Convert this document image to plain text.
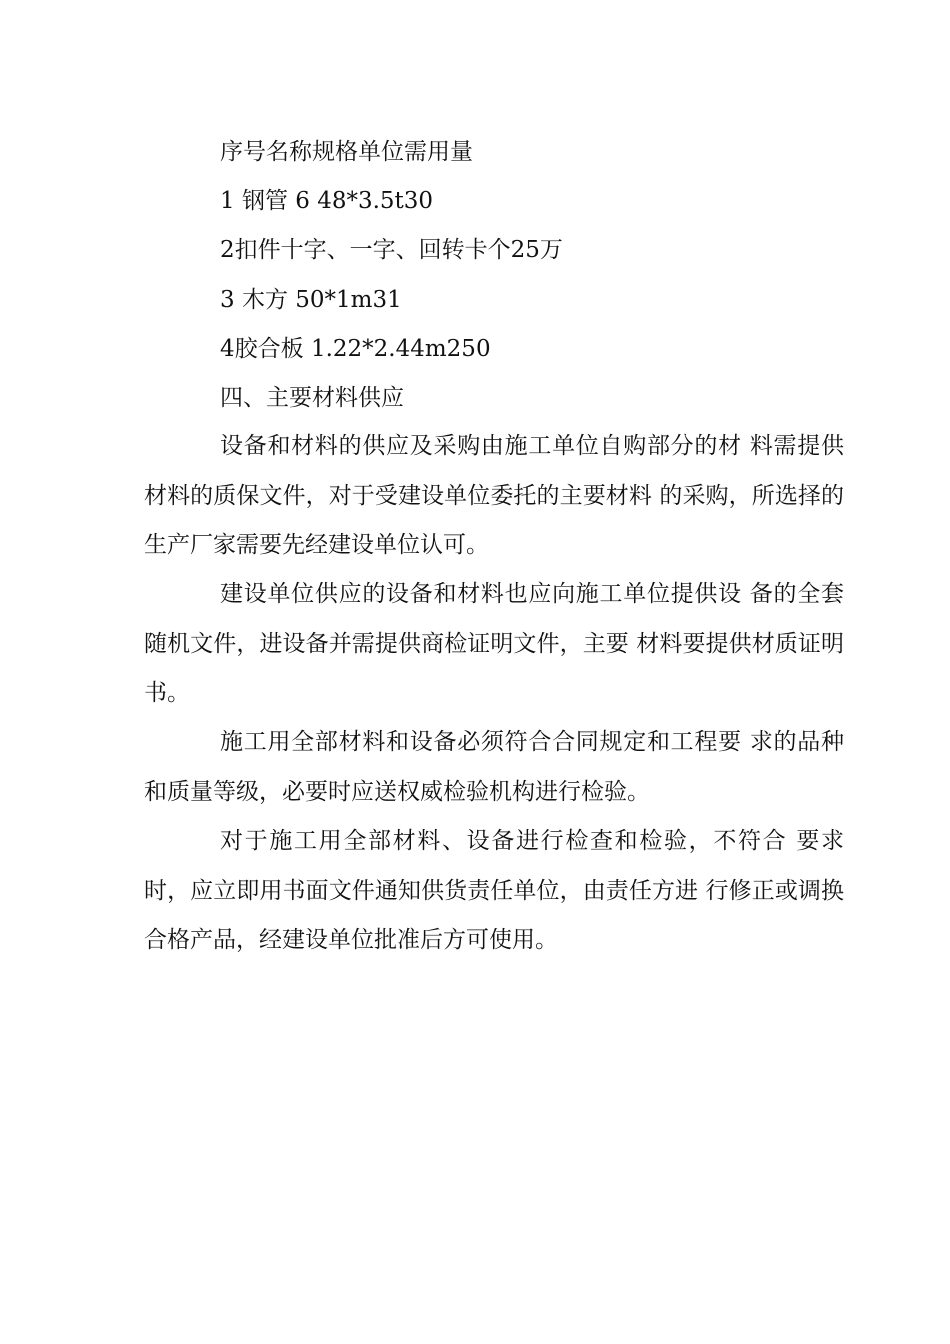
序号名称规格单位需用量
1 钢管 6 48*3.5t30
2扣件十字、一字、回转卡个25万
3 木方 50*1m31
4胶合板 1.22*2.44m250
四、主要材料供应
设备和材料的供应及采购由施工单位自购部分的材 料需提供材料的质保文件，对于受建设单位委托的主要材料 的采购，所选择的生产厂家需要先经建设单位认可。
建设单位供应的设备和材料也应向施工单位提供设 备的全套随机文件，进设备并需提供商检证明文件，主要 材料要提供材质证明书。
施工用全部材料和设备必须符合合同规定和工程要 求的品种和质量等级，必要时应送权威检验机构进行检验。
对于施工用全部材料、设备进行检查和检验，不符合 要求时，应立即用书面文件通知供货责任单位，由责任方进 行修正或调换合格产品，经建设单位批准后方可使用。
